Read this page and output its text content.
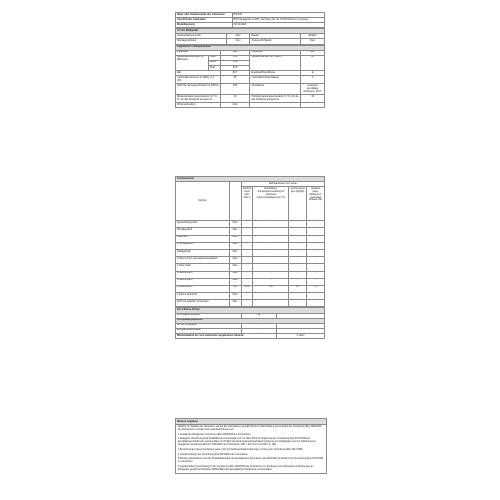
Name oder Handelsmarke des Lieferanten	BOSCH
Anschrift des Lieferanten	BSH Hausgeräte GmbH, Carl-Wery-Str. 34, 81739 München, Germany
Modellkennung	GIV11AFE0
Art des Kühlgeräts			
Geräuscharmes Gerät	Nein	Bauart	Einbau
Weinlagerschrank	Nein	Anderes Kühlgerät	Nein
Allgemeine Produktparameter				
Parameter		Wert	Parameter	Wert
Gesamtabmessungen (in Millimeter)	Höhe	71,2	Gesamtvolumen (dm³ oder l)	95
	Breite	55,8		
	Tiefe	54,5		
EEI		83,7	Energieeffizienzklasse	E
Luftschallemissionen (in dB(A) re 1 pW)		35	Luftschallemissionsklasse	C
Jährlicher Energieverbrauch (in kWh/a)		186	Klimaklasse	erweiterte gemäßigte Klimazone: SN-T
Mindestumgebungstemperatur (in °C), für die das Kühlgerät geeignet ist		10	Höchstumgebungstemperatur (in °C), für die das Kühlgerät geeignet ist	43
Wintereinstellung		Nein		
Fachparameter					
Fachtyp		Fachparameter und -werte			
		Fachvolumen (dm³ oder l)	Empfohlene Temperatureinstellung für optimierte Lebensmittellagerung (°C)	Gefriervermögen (kg/24h)	Abtauart (Auto-Abtauen=A, manuelles Abtauen=M)
Speisekammerfach	Nein	-	-	-	-
Weinlagerfach	Nein	-	-	-	-
Kellerfach	Nein	-	-	-	-
Frischlagerfach	Nein	-	-	-	-
Kaltlagerfach	Nein	-	-	-	-
0-Sterne-Fach oder Eisbereitungsfach	Nein	-	-	-	-
1-Stern-Fach	Nein	-	-	-	-
2-Sterne-Fach	Nein	-	-	-	-
3-Sterne-Fach	Nein	-	-	-	-
4-Sterne-Fach	Ja	95,0	-18	8,5	M
2-Sterne-Abschnitt	Nein	-	-	-	-
Fach mit variabler Temperatur	Nein	-	-	-	-
Für 4-Sterne-Fächer		
Schnellgefrierfunktion	Ja	
Lichtquellenparameter		
Art der Lichtquelle	-	
Energieeffizienzklasse	-	
Mindestlaufzeit der vom Lieferanten angebotenen Garantie		2 Jahre
Weitere Angaben

Weblink zur Website des Herstellers, auf der die Informationen gemäß Nummer 4 Buchstabe a des Anhangs der Verordnung (EU) 2019/2019 der Kommission zu finden sind: www.bosch-home.com

1 Gemäß der Delegierten Verordnung (EU) 2019/2016 der Kommission.

2 Delegierte Verordnung (EU) 2019/2016 der Kommission vom 11. März 2019 zur Ergänzung der Verordnung (EU) 2017/1369 des Europäischen Parlaments und des Rates im Hinblick auf die Energieverbrauchskennzeichnung von Kühlgeräten und zur Aufhebung der Delegierten Verordnung (EU) Nr. 1060/2010 der Kommission (ABl. L 315 vom 5.12.2019, S. 102).

3 Bezeichnungen dieser Fachtypen gelten nicht als Wettbewerbsbezeichnungen im Sinne der Verordnung (EU) 2017/1369.

4 Gemäß Anhang I der Verordnung (EU) 2019/2019 der Kommission.

5 Weitere Informationen sind der Produktdatenbank der Europäischen Kommission gemäß Artikel 12 Absatz 5 der Verordnung (EU) 2017/1369 zu entnehmen.

6 Gemäß Artikel 8 und Anhang VI der Verordnung (EU) 2019/2019 der Kommission zur Festlegung von Ökodesign-Anforderungen an Kühlgeräte gemäß der Richtlinie 2009/125/EG des Europäischen Parlaments und des Rates.
